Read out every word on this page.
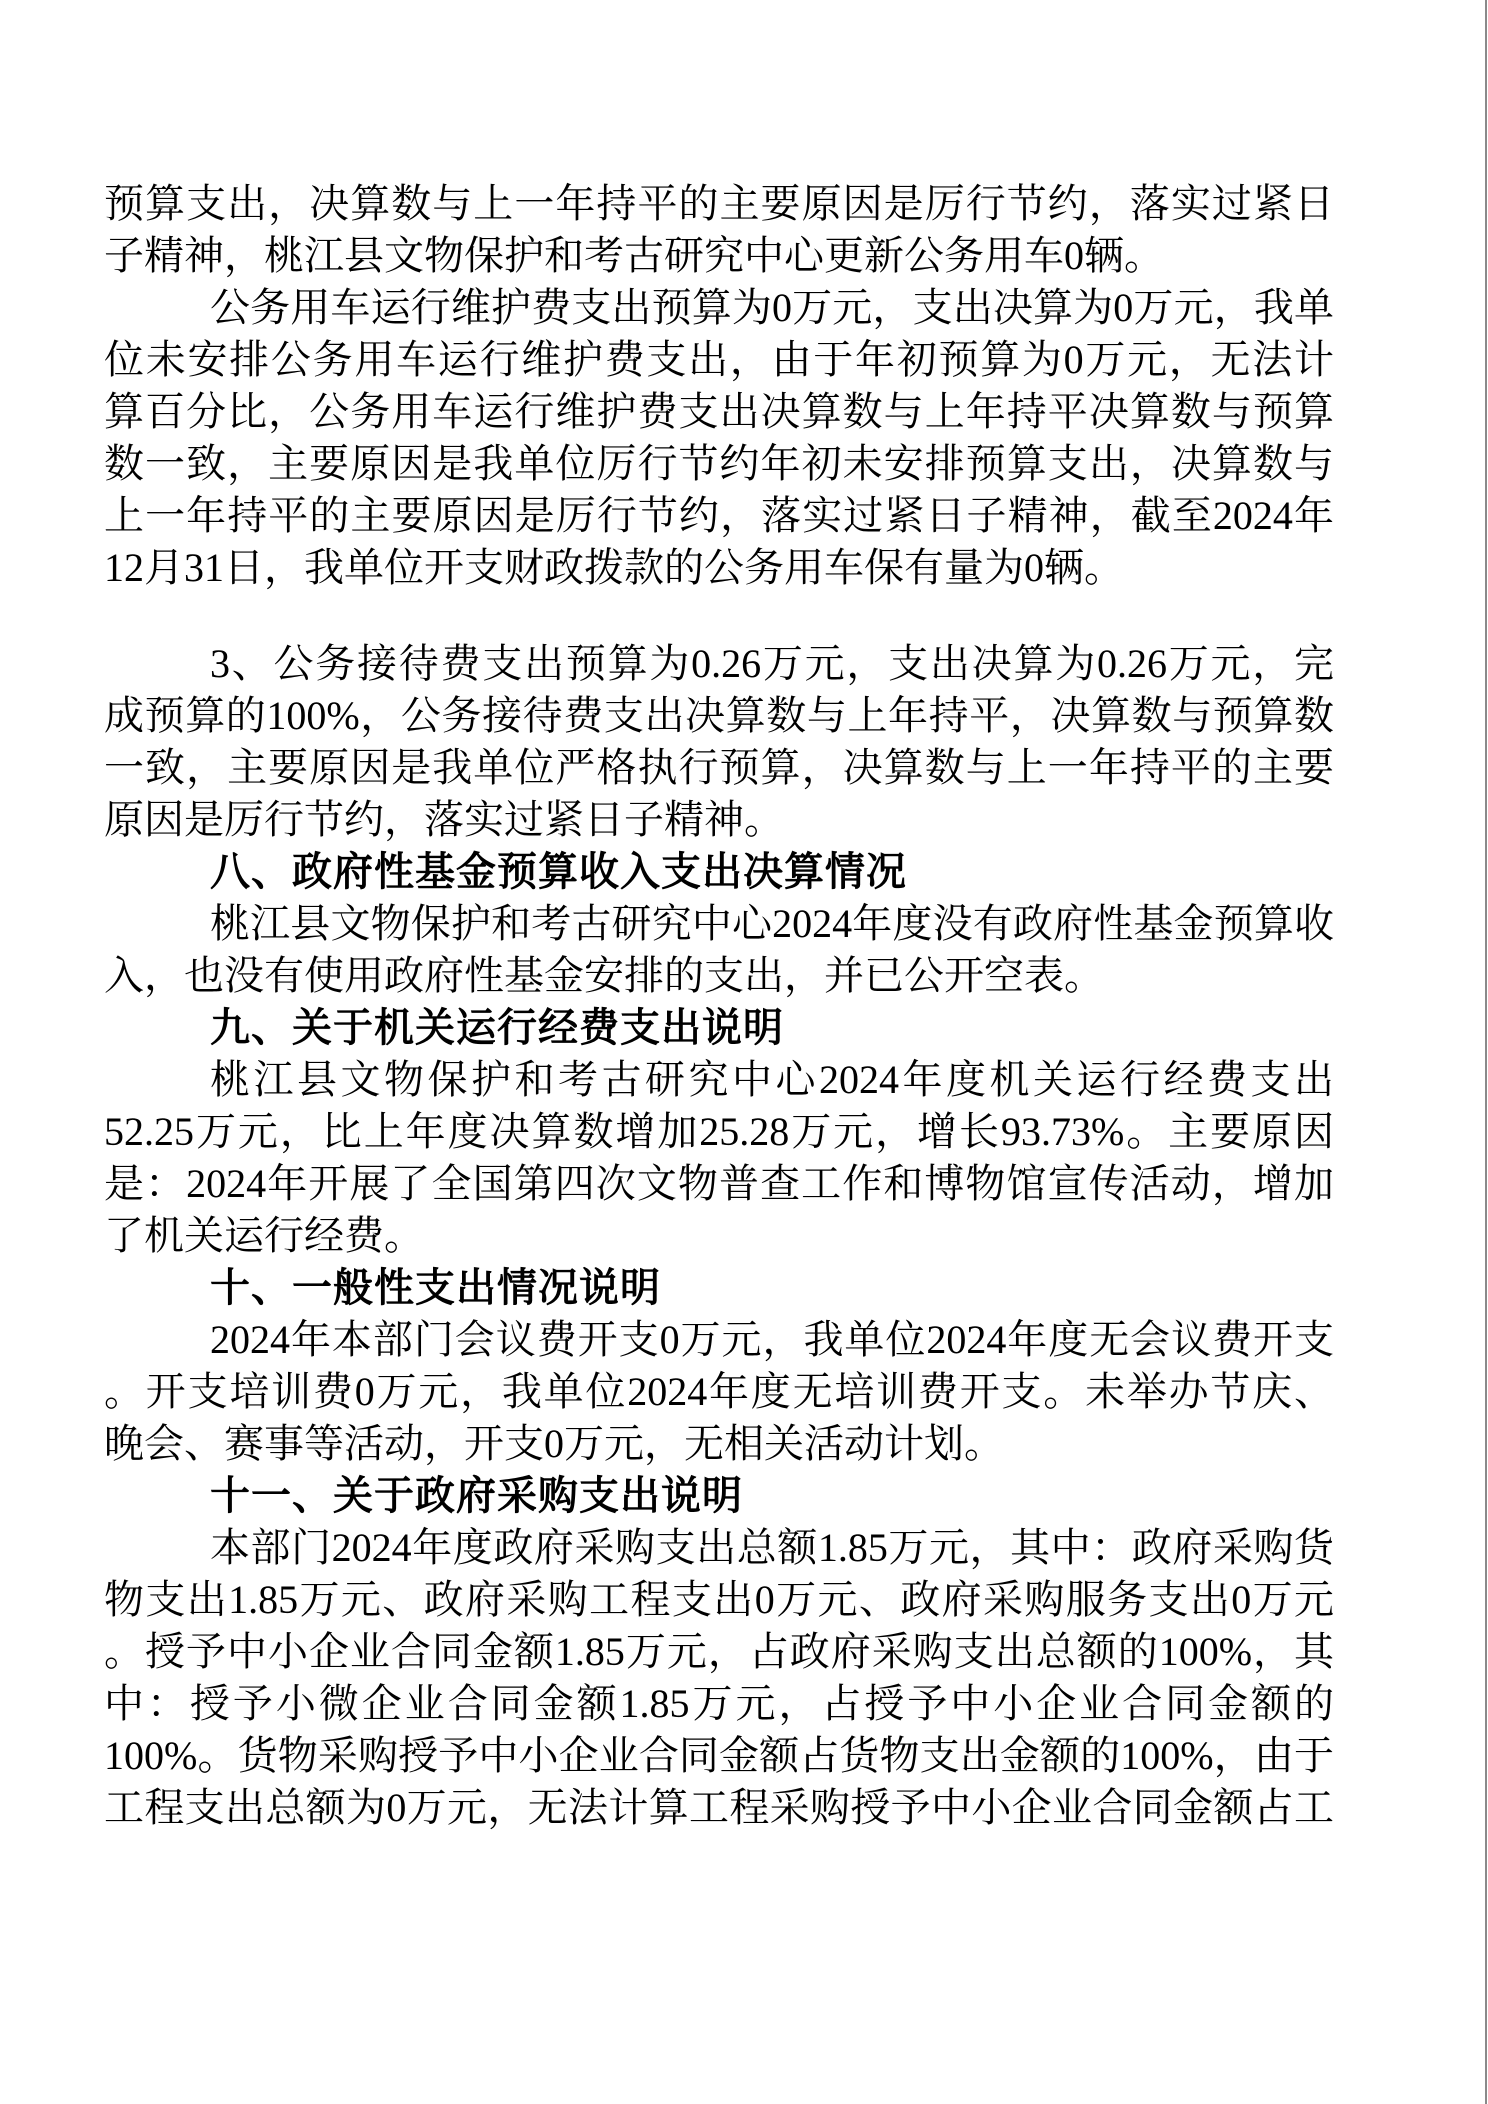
预算支出，决算数与上一年持平的主要原因是厉行节约，落实过紧日
子精神，桃江县文物保护和考古研究中心更新公务用车0辆。
公务用车运行维护费支出预算为0万元，支出决算为0万元，我单
位未安排公务用车运行维护费支出，由于年初预算为0万元，无法计
算百分比，公务用车运行维护费支出决算数与上年持平决算数与预算
数一致，主要原因是我单位厉行节约年初未安排预算支出，决算数与
上一年持平的主要原因是厉行节约，落实过紧日子精神，截至2024年
12月31日，我单位开支财政拨款的公务用车保有量为0辆。
3、公务接待费支出预算为0.26万元，支出决算为0.26万元，完
成预算的100%，公务接待费支出决算数与上年持平，决算数与预算数
一致，主要原因是我单位严格执行预算，决算数与上一年持平的主要
原因是厉行节约，落实过紧日子精神。
八、政府性基金预算收入支出决算情况
桃江县文物保护和考古研究中心2024年度没有政府性基金预算收
入，也没有使用政府性基金安排的支出，并已公开空表。
九、关于机关运行经费支出说明
桃江县文物保护和考古研究中心2024年度机关运行经费支出
52.25万元，比上年度决算数增加25.28万元，增长93.73%。主要原因
是：2024年开展了全国第四次文物普查工作和博物馆宣传活动，增加
了机关运行经费。
十、一般性支出情况说明
2024年本部门会议费开支0万元，我单位2024年度无会议费开支
。开支培训费0万元，我单位2024年度无培训费开支。未举办节庆、
晚会、赛事等活动，开支0万元，无相关活动计划。
十一、关于政府采购支出说明
本部门2024年度政府采购支出总额1.85万元，其中：政府采购货
物支出1.85万元、政府采购工程支出0万元、政府采购服务支出0万元
。授予中小企业合同金额1.85万元，占政府采购支出总额的100%，其
中：授予小微企业合同金额1.85万元，占授予中小企业合同金额的
100%。货物采购授予中小企业合同金额占货物支出金额的100%，由于
工程支出总额为0万元，无法计算工程采购授予中小企业合同金额占工
